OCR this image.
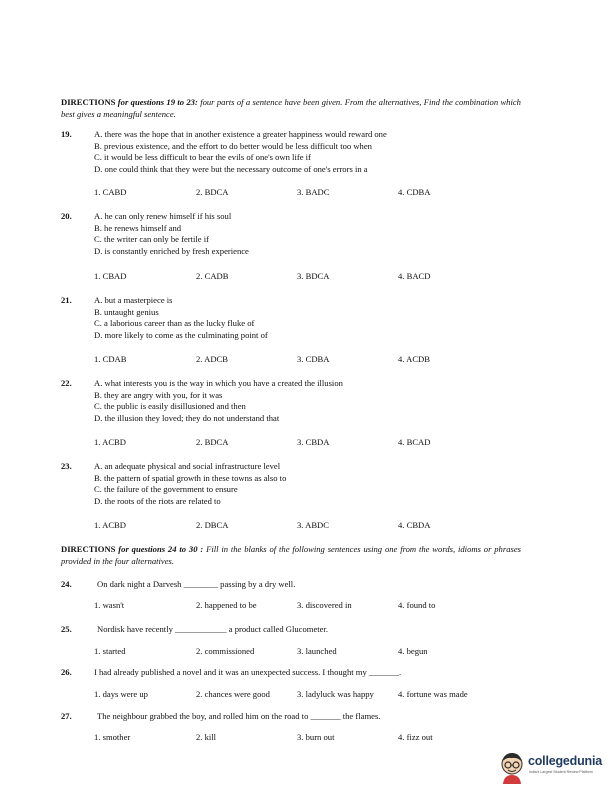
DIRECTIONS for questions 19 to 23: four parts of a sentence have been given. From the alternatives, Find the combination which best gives a meaningful sentence.
19.	A. there was the hope that in another existence a greater happiness would reward one
B. previous existence, and the effort to do better would be less difficult too when
C. it would be less difficult to bear the evils of one's own life if
D. one could think that they were but the necessary outcome of one's errors in a
1. CABD	2. BDCA	3. BADC	4. CDBA
20.	A. he can only renew himself if his soul
B. he renews himself and
C. the writer can only be fertile if
D. is constantly enriched by fresh experience
1. CBAD	2. CADB	3. BDCA	4. BACD
21.	A. but a masterpiece is
B. untaught genius
C. a laborious career than as the lucky fluke of
D. more likely to come as the culminating point of
1. CDAB	2. ADCB	3. CDBA	4. ACDB
22.	A. what interests you is the way in which you have a created the illusion
B. they are angry with you, for it was
C. the public is easily disillusioned and then
D. the illusion they loved; they do not understand that
1. ACBD	2. BDCA	3. CBDA	4. BCAD
23.	A. an adequate physical and social infrastructure level
B. the pattern of spatial growth in these towns as also to
C. the failure of the government to ensure
D. the roots of the riots are related to
1. ACBD	2. DBCA	3. ABDC	4. CBDA
DIRECTIONS for questions 24 to 30 : Fill in the blanks of the following sentences using one from the words, idioms or phrases provided in the four alternatives.
24.	On dark night a Darvesh ________ passing by a dry well.
1. wasn't	2. happened to be	3. discovered in	4. found to
25.	Nordisk have recently ____________ a product called Glucometer.
1. started	2. commissioned	3. launched	4. begun
26.	I had already published a novel and it was an unexpected success. I thought my _______.
1. days were up	2. chances were good	3. ladyluck was happy	4. fortune was made
27.	The neighbour grabbed the boy, and rolled him on the road to _______ the flames.
1. smother	2. kill	3. burn out	4. fizz out
collegedunia
India's Largest Student Review Platform
